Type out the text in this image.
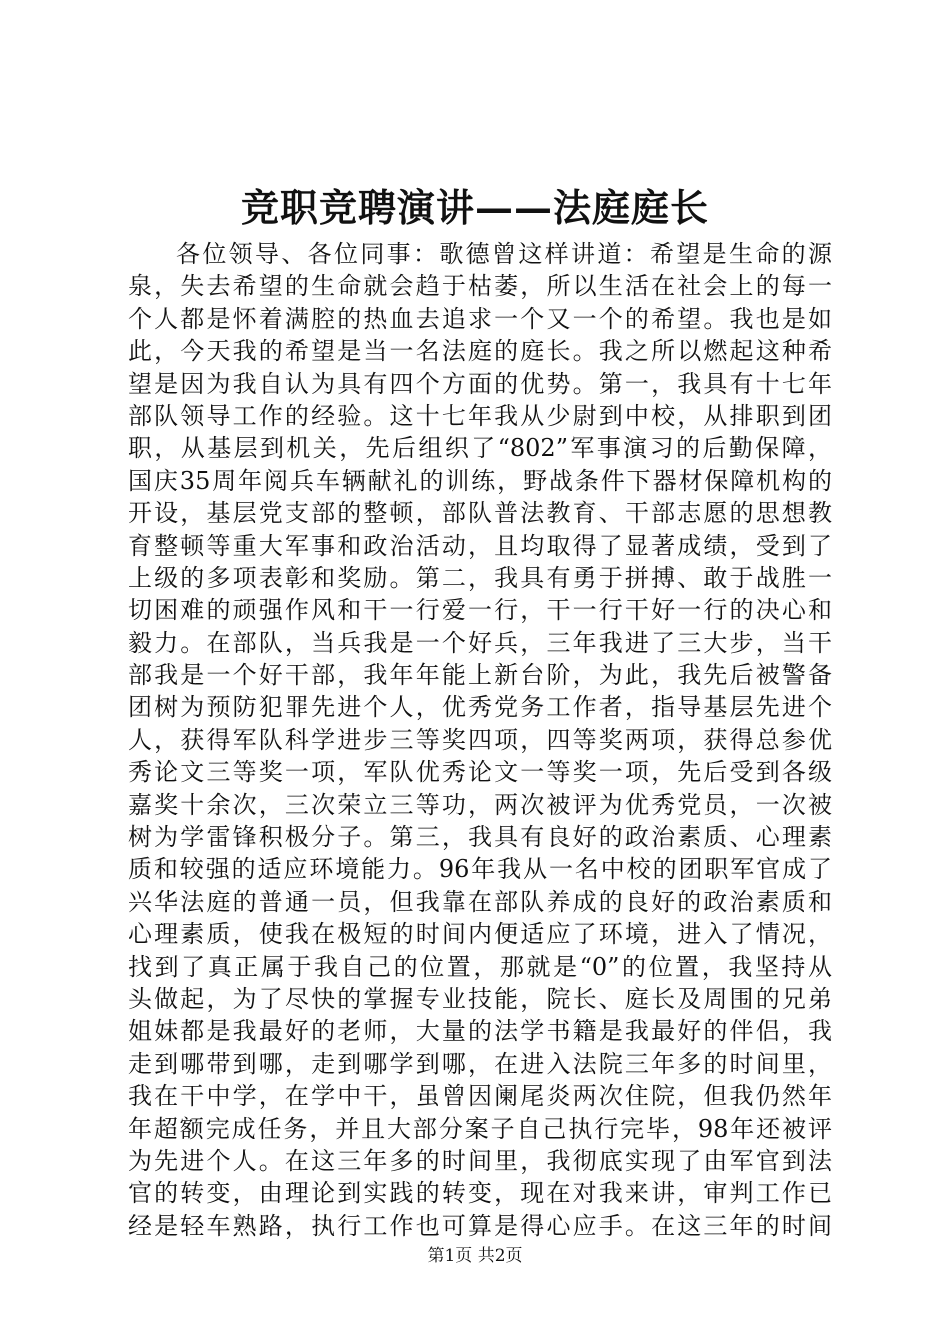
竞职竞聘演讲——法庭庭长
各位领导、各位同事：歌德曾这样讲道：希望是生命的源
泉，失去希望的生命就会趋于枯萎，所以生活在社会上的每一
个人都是怀着满腔的热血去追求一个又一个的希望。我也是如
此，今天我的希望是当一名法庭的庭长。我之所以燃起这种希
望是因为我自认为具有四个方面的优势。第一，我具有十七年
部队领导工作的经验。这十七年我从少尉到中校，从排职到团
职，从基层到机关，先后组织了“802”军事演习的后勤保障，
国庆35周年阅兵车辆献礼的训练，野战条件下器材保障机构的
开设，基层党支部的整顿，部队普法教育、干部志愿的思想教
育整顿等重大军事和政治活动，且均取得了显著成绩，受到了
上级的多项表彰和奖励。第二，我具有勇于拼搏、敢于战胜一
切困难的顽强作风和干一行爱一行，干一行干好一行的决心和
毅力。在部队，当兵我是一个好兵，三年我进了三大步，当干
部我是一个好干部，我年年能上新台阶，为此，我先后被警备
团树为预防犯罪先进个人，优秀党务工作者，指导基层先进个
人，获得军队科学进步三等奖四项，四等奖两项，获得总参优
秀论文三等奖一项，军队优秀论文一等奖一项，先后受到各级
嘉奖十余次，三次荣立三等功，两次被评为优秀党员，一次被
树为学雷锋积极分子。第三，我具有良好的政治素质、心理素
质和较强的适应环境能力。96年我从一名中校的团职军官成了
兴华法庭的普通一员，但我靠在部队养成的良好的政治素质和
心理素质，使我在极短的时间内便适应了环境，进入了情况，
找到了真正属于我自己的位置，那就是“0”的位置，我坚持从
头做起，为了尽快的掌握专业技能，院长、庭长及周围的兄弟
姐妹都是我最好的老师，大量的法学书籍是我最好的伴侣，我
走到哪带到哪，走到哪学到哪，在进入法院三年多的时间里，
我在干中学，在学中干，虽曾因阑尾炎两次住院，但我仍然年
年超额完成任务，并且大部分案子自己执行完毕，98年还被评
为先进个人。在这三年多的时间里，我彻底实现了由军官到法
官的转变，由理论到实践的转变，现在对我来讲，审判工作已
经是轻车熟路，执行工作也可算是得心应手。在这三年的时间
第1页 共2页
